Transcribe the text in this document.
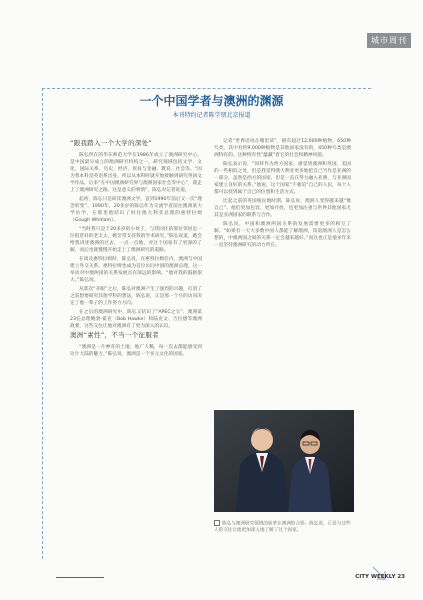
城市周刊
一个中国学者与澳洲的渊源
本刊特约记者陈学朋北京报道
“跟我踏入一个大学的深处”

陈弘所在的华东师范大学在1986年成立了澳洲研究中心，是中国最早成立的澳洲研究机构之一，研究领域包括文学、文化、国际关系、历史、经济、贸易与金融、教育、社会等。“因为我本科是英语系出身，所以从本科时就开始接触到研究英国文学作品，后来“在中国澳洲研究界与澳洲国家社会等中心”，就走上了澳洲研究之路。这是意义的事情”，陈弘对记者说道。

起初，陈弘只是研读澳洲文学，直到1990年前后又一次“理念转变”。1990年，20多岁的陈弘作为交流学者前往澳洲某大学访学，在那里他结识了时任澳大利亚总理的惠特拉姆（Gough Whitlam）。

“当时我只是个20多岁的小伙子，与我同住的那位邻居是一位很慈祥的老太太，她非常支持我的学术研究。”陈弘说道，她会给我讲述澳洲的过去，一点一点地，对这个国家有了更深的了解，而后也就慢慢开始走上了澳洲研究的道路。

在谈及惠特拉姆时，陈弘说，在惠特拉姆任内，澳洲与中国建立外交关系，惠特拉姆也成为首位访问中国的澳洲总理，这一举动对中澳两国的关系发展具有深远的影响。“他对我的鼓励很大。”陈弘说。

从那次“开眼”之后，陈弘对澳洲产生了强烈的兴趣，打消了之前想要研究其他学科的想法，陈弘说，正是那一个月的访问决定了他一辈子的工作努力方向。

在之后的澳洲研究中，陈弘又结识了“APEC之父”、澳洲第23任总理鲍勃·霍克（Bob Hawke）和陆克文、吉拉德等澳洲政要，这些交往让他对澳洲有了更为深入的认识。

澳洲“素性”，不当一个征服者

“澳洲是一片神奇的土地，地广人稀，每一次去都能感受到这片大陆的魅力。”陈弘说，澳洲是一个多元文化的国家。

记者“世界话说在哪里读”，拥有超过12,000种植物、650种鸟类。其中有约9,000种植物是其他国家没有的，450种鸟类是澳洲特有的。这种特有性“蕴藏”着它的社会和精神风貌。

陈弘表示说，“同样作为西方国家，感觉到澳洲和英国、美国的一些相似之处，但是我觉得澳大利亚更多地把自己当作是亚洲的一部分，虽然是西方的国家，但是一直在努力融入亚洲，与亚洲国家建立良好的关系。”他说，这个国家“不强迫”自己的人民，每个人都可以找到属于自己的位置和生活方式。

比起之前的英国殖民地时期，陈弘说，澳洲人变得越来越“像自己”。他们更加包容，更加开放，也更加注重与世界其他国家尤其是亚洲国家的联系与合作。

陈弘说，中国和澳洲两国关系的发展需要更多的相互了解。“如果有一天大多数中国人都能了解澳洲，知道澳洲人是怎么想的，中澳两国之间的关系一定会越来越好。”而这也正是他多年来一直坚持澳洲研究的动力所在。

陈弘与澳洲研究领域的前辈在澳洲的合影。陈弘说，正是与这些人的交往让他更加深入地了解了这个国家。
CITY WEEKLY 23
